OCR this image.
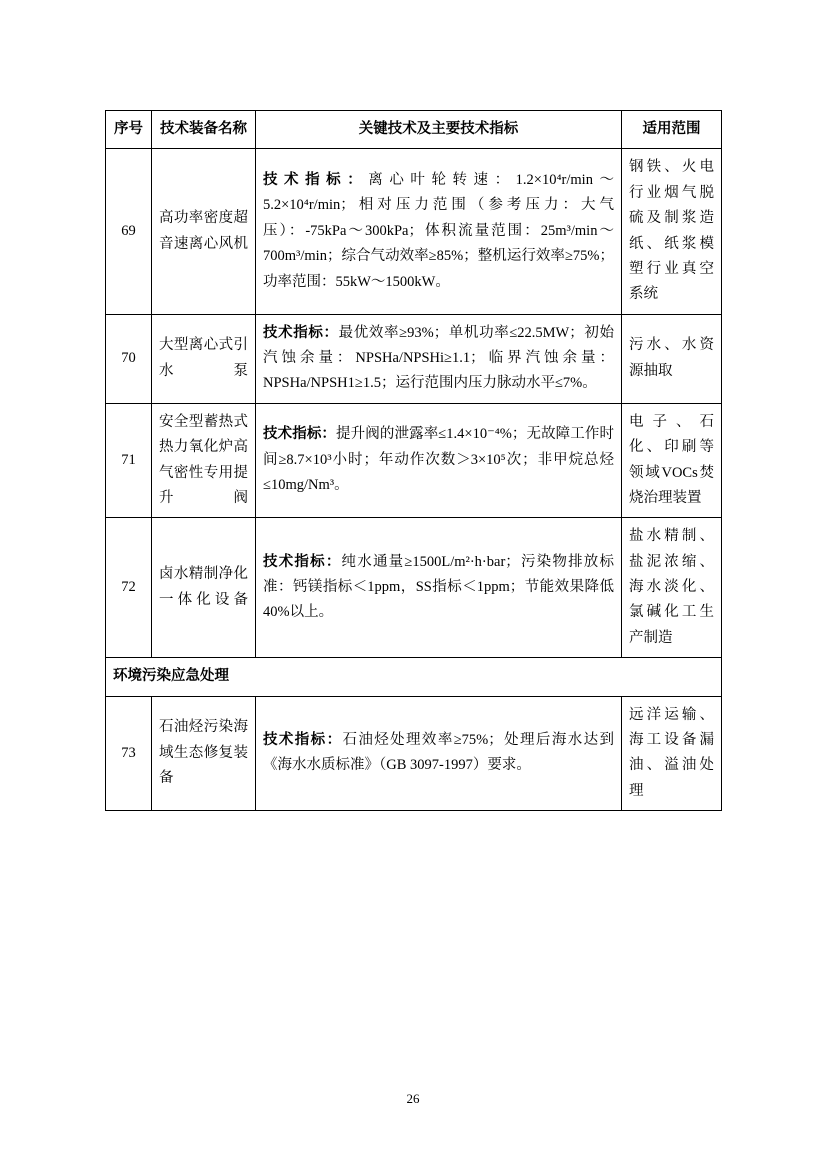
序号	技术装备名称	关键技术及主要技术指标	适用范围
69	高功率密度超音速离心风机	技术指标：离心叶轮转速：1.2×10⁴r/min～5.2×10⁴r/min；相对压力范围（参考压力：大气压）：-75kPa～300kPa；体积流量范围：25m³/min～700m³/min；综合气动效率≥85%；整机运行效率≥75%；功率范围：55kW～1500kW。	钢铁、火电行业烟气脱硫及制浆造纸、纸浆模塑行业真空系统
70	大型离心式引水泵	技术指标：最优效率≥93%；单机功率≤22.5MW；初始汽蚀余量：NPSHa/NPSHi≥1.1；临界汽蚀余量：NPSHa/NPSH1≥1.5；运行范围内压力脉动水平≤7%。	污水、水资源抽取
71	安全型蓄热式热力氧化炉高气密性专用提升阀	技术指标：提升阀的泄露率≤1.4×10⁻⁴%；无故障工作时间≥8.7×10³小时；年动作次数＞3×10⁵次；非甲烷总烃≤10mg/Nm³。	电子、石化、印刷等领域VOCs焚烧治理装置
72	卤水精制净化一体化设备	技术指标：纯水通量≥1500L/m²·h·bar；污染物排放标准：钙镁指标＜1ppm，SS指标＜1ppm；节能效果降低40%以上。	盐水精制、盐泥浓缩、海水淡化、氯碱化工生产制造
环境污染应急处理			
73	石油烃污染海域生态修复装备	技术指标：石油烃处理效率≥75%；处理后海水达到《海水水质标准》（GB 3097-1997）要求。	远洋运输、海工设备漏油、溢油处理
26
